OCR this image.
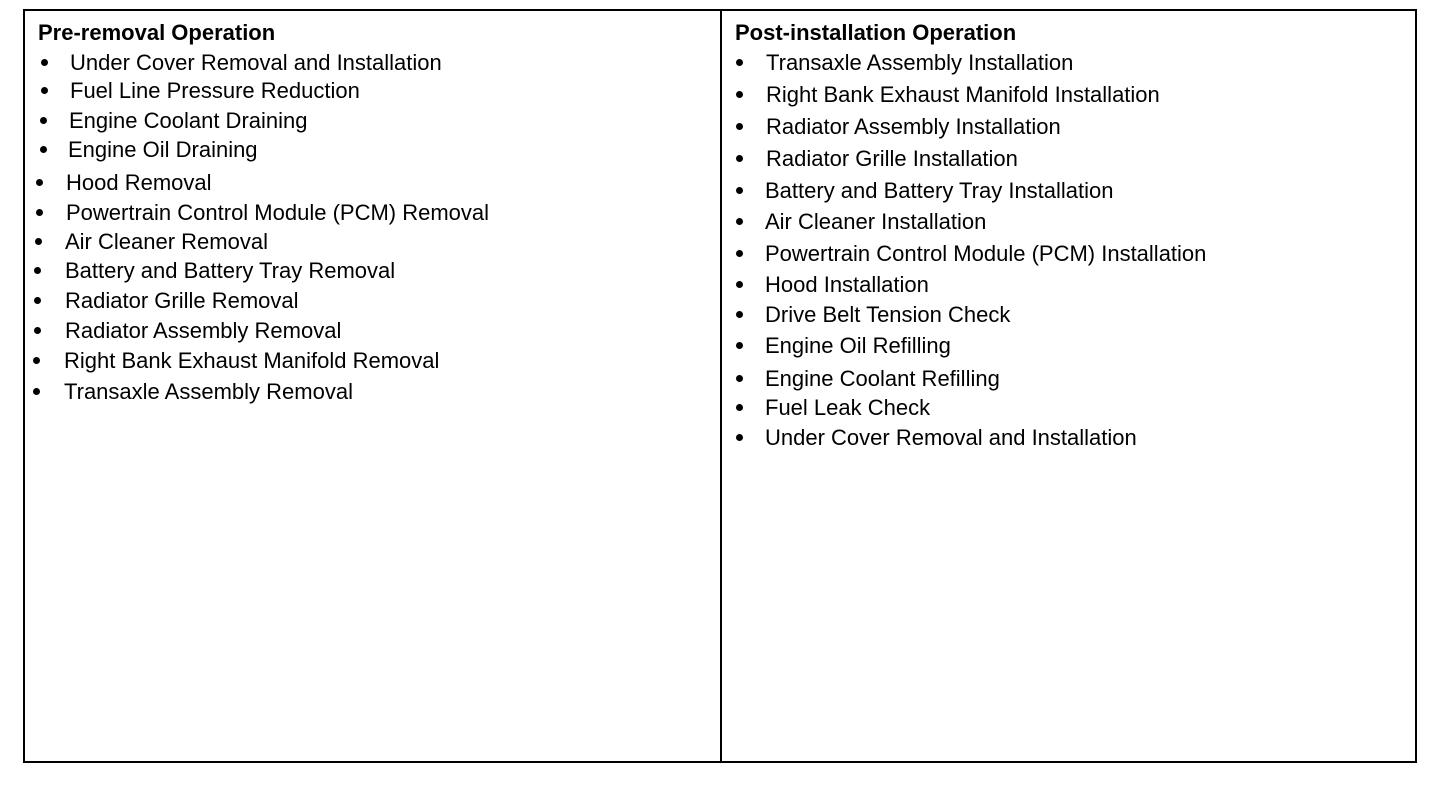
Pre-removal Operation
Under Cover Removal and Installation
Fuel Line Pressure Reduction
Engine Coolant Draining
Engine Oil Draining
Hood Removal
Powertrain Control Module (PCM) Removal
Air Cleaner Removal
Battery and Battery Tray Removal
Radiator Grille Removal
Radiator Assembly Removal
Right Bank Exhaust Manifold Removal
Transaxle Assembly Removal
Post-installation Operation
Transaxle Assembly Installation
Right Bank Exhaust Manifold Installation
Radiator Assembly Installation
Radiator Grille Installation
Battery and Battery Tray Installation
Air Cleaner Installation
Powertrain Control Module (PCM) Installation
Hood Installation
Drive Belt Tension Check
Engine Oil Refilling
Engine Coolant Refilling
Fuel Leak Check
Under Cover Removal and Installation
